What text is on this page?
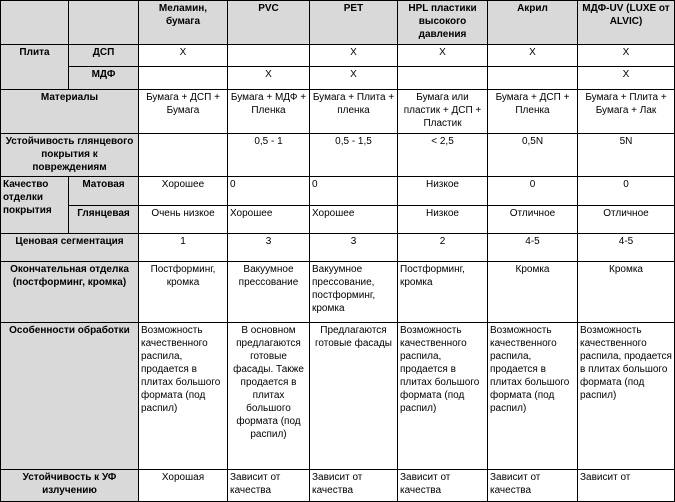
		Меламин, бумага	PVC	PET	HPL пластики высокого давления	Акрил	МДФ-UV (LUXE от ALVIC)
Плита	ДСП	X		X	X	X	X
	МДФ		X	X			X
Материалы		Бумага + ДСП + Бумага	Бумага + МДФ + Пленка	Бумага + Плита + пленка	Бумага или пластик + ДСП + Пластик	Бумага + ДСП + Пленка	Бумага + Плита + Бумага + Лак
Устойчивость глянцевого покрытия к повреждениям			0,5 - 1	0,5 - 1,5	< 2,5	0,5N	5N
Качество отделки покрытия	Матовая	Хорошее	0	0	Низкое	0	0
	Глянцевая	Очень низкое	Хорошее	Хорошее	Низкое	Отличное	Отличное
Ценовая сегментация		1	3	3	2	4-5	4-5
Окончательная отделка (постформинг, кромка)		Постформинг, кромка	Вакуумное прессование	Вакуумное прессование, постформинг, кромка	Постформинг, кромка	Кромка	Кромка
Особенности обработки		Возможность качественного распила, продается в плитах большого формата (под распил)	В основном предлагаются готовые фасады. Также продается в плитах большого формата (под распил)	Предлагаются готовые фасады	Возможность качественного распила, продается в плитах большого формата (под распил)	Возможность качественного распила, продается в плитах большого формата (под распил)	Возможность качественного распила, продается в плитах большого формата (под распил)
Устойчивость к УФ излучению		Хорошая	Зависит от качества	Зависит от качества	Зависит от качества	Зависит от качества	Зависит от
